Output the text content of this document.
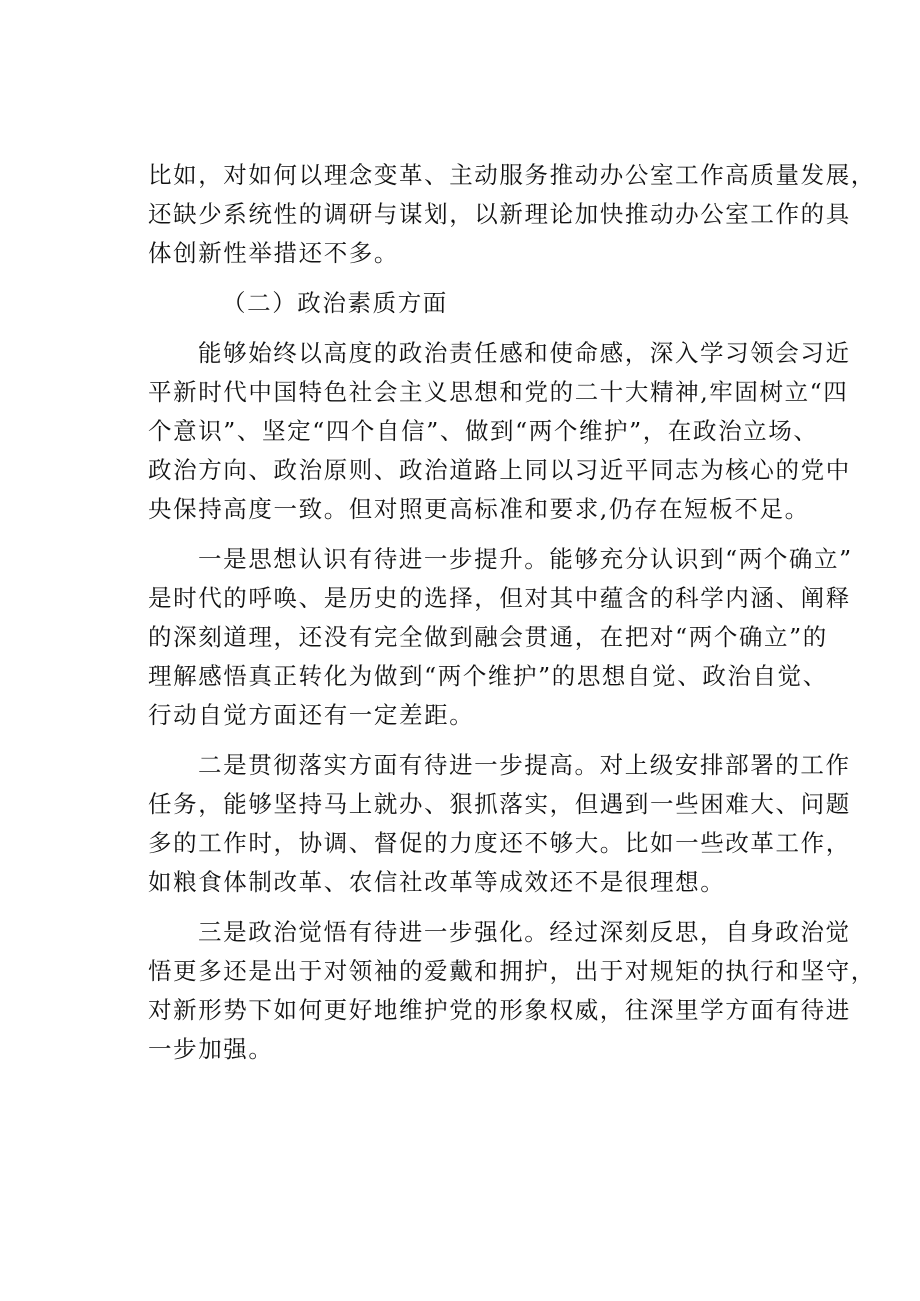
比如，对如何以理念变革、主动服务推动办公室工作高质量发展，
还缺少系统性的调研与谋划，以新理论加快推动办公室工作的具
体创新性举措还不多。
（二）政治素质方面
能够始终以高度的政治责任感和使命感，深入学习领会习近
平新时代中国特色社会主义思想和党的二十大精神,牢固树立“四
个意识”、坚定“四个自信”、做到“两个维护”，在政治立场、
政治方向、政治原则、政治道路上同以习近平同志为核心的党中
央保持高度一致。但对照更高标准和要求,仍存在短板不足。
一是思想认识有待进一步提升。能够充分认识到“两个确立”
是时代的呼唤、是历史的选择，但对其中蕴含的科学内涵、阐释
的深刻道理，还没有完全做到融会贯通，在把对“两个确立”的
理解感悟真正转化为做到“两个维护”的思想自觉、政治自觉、
行动自觉方面还有一定差距。
二是贯彻落实方面有待进一步提高。对上级安排部署的工作
任务，能够坚持马上就办、狠抓落实，但遇到一些困难大、问题
多的工作时，协调、督促的力度还不够大。比如一些改革工作，
如粮食体制改革、农信社改革等成效还不是很理想。
三是政治觉悟有待进一步强化。经过深刻反思，自身政治觉
悟更多还是出于对领袖的爱戴和拥护，出于对规矩的执行和坚守，
对新形势下如何更好地维护党的形象权威，往深里学方面有待进
一步加强。
